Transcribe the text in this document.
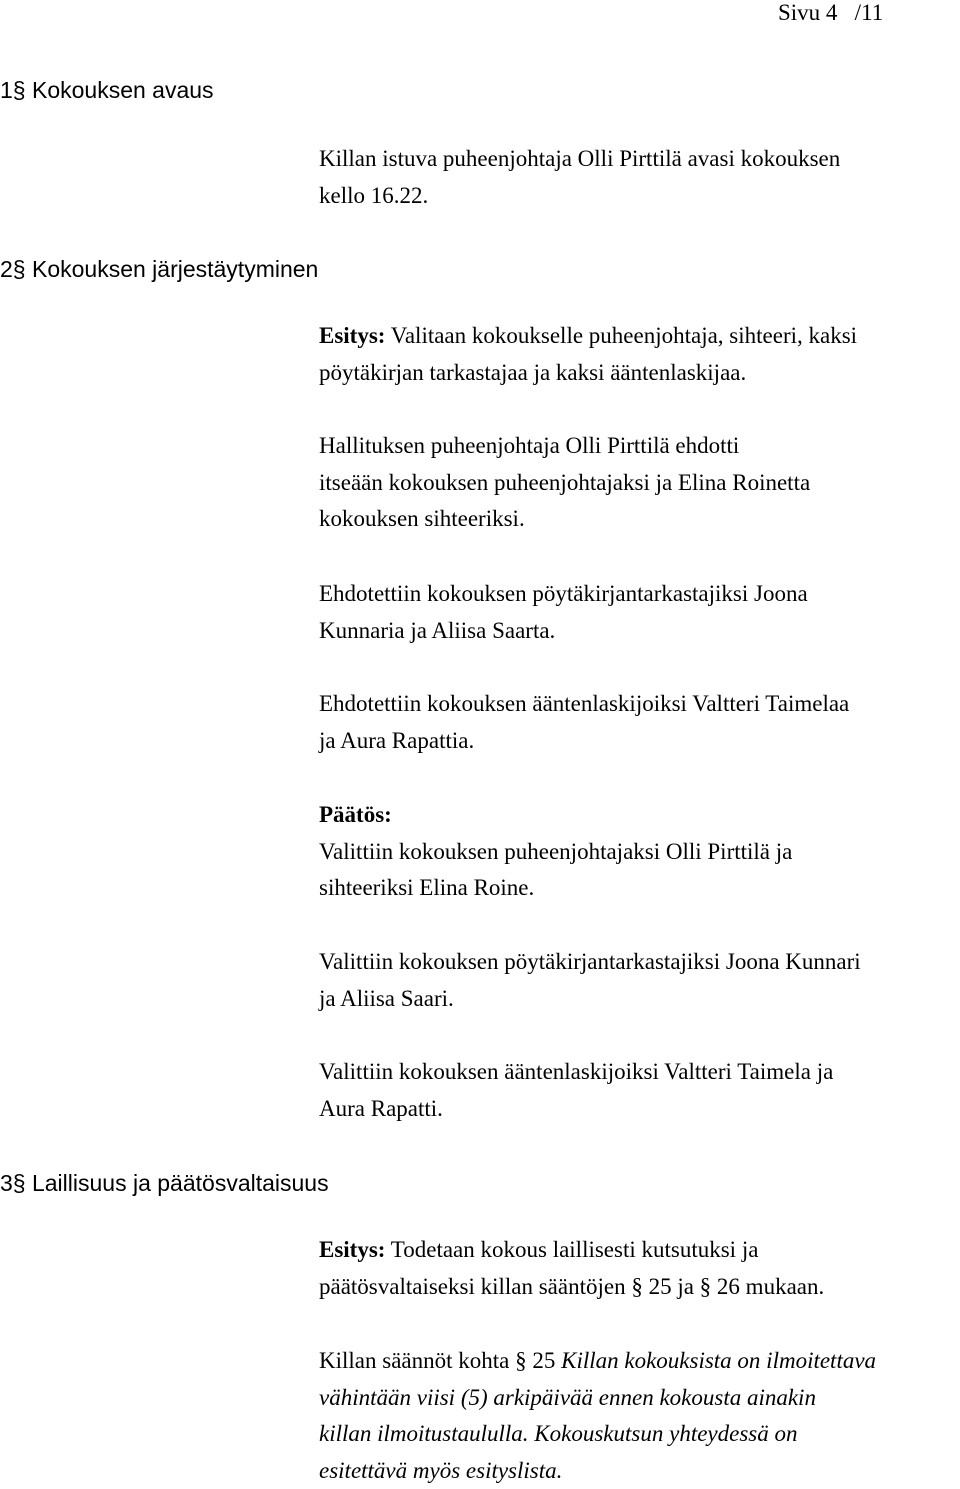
Sivu 4   /11
1§ Kokouksen avaus

Killan istuva puheenjohtaja Olli Pirttilä avasi kokouksen
kello 16.22.

2§ Kokouksen järjestäytyminen

Esitys: Valitaan kokoukselle puheenjohtaja, sihteeri, kaksi
pöytäkirjan tarkastajaa ja kaksi ääntenlaskijaa.

Hallituksen puheenjohtaja Olli Pirttilä ehdotti
itseään kokouksen puheenjohtajaksi ja Elina Roinetta
kokouksen sihteeriksi.

Ehdotettiin kokouksen pöytäkirjantarkastajiksi Joona
Kunnaria ja Aliisa Saarta.

Ehdotettiin kokouksen ääntenlaskijoiksi Valtteri Taimelaa
ja Aura Rapattia.

Päätös:
Valittiin kokouksen puheenjohtajaksi Olli Pirttilä ja
sihteeriksi Elina Roine.

Valittiin kokouksen pöytäkirjantarkastajiksi Joona Kunnari
ja Aliisa Saari.

Valittiin kokouksen ääntenlaskijoiksi Valtteri Taimela ja
Aura Rapatti.

3§ Laillisuus ja päätösvaltaisuus

Esitys: Todetaan kokous laillisesti kutsutuksi ja
päätösvaltaiseksi killan sääntöjen § 25 ja § 26 mukaan.

Killan säännöt kohta § 25 Killan kokouksista on ilmoitettava
vähintään viisi (5) arkipäivää ennen kokousta ainakin
killan ilmoitustaululla. Kokouskutsun yhteydessä on
esitettävä myös esityslista.
